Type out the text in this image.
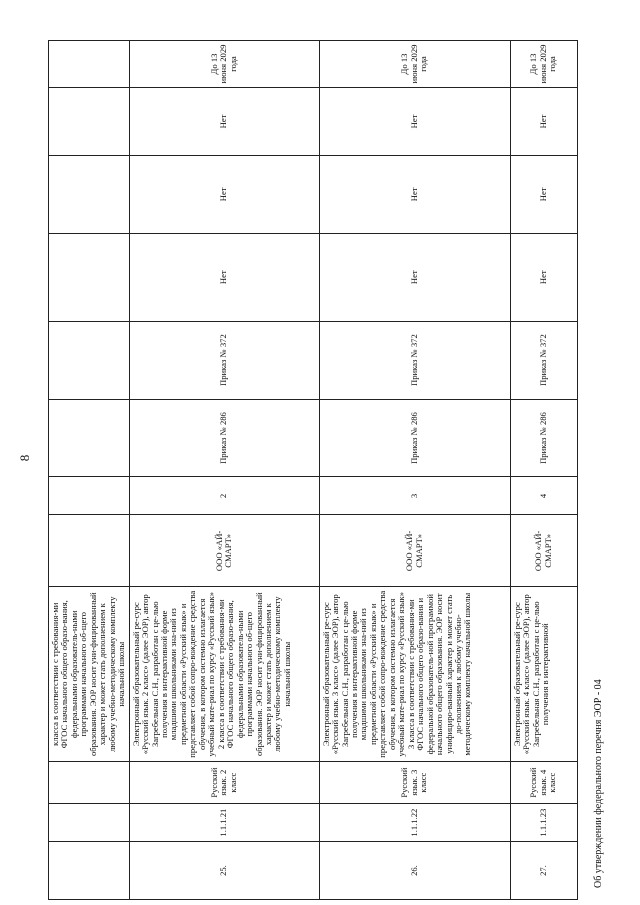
8
			класса в соответствии с требования-ми ФГОС начального общего образо-вания, федеральными образователь-ными программами начального об-щего образования. ЭОР носит уни-фицированный характер и может стать дополнением к любому учебно-методическому комплекту начальной школы								
25.	1.1.1.21	Русский язык. 2 класс	Электронный образовательный ре-сурс «Русский язык. 2 класс» (далее ЭОР), автор Загребельная С.Н., разработан с це-лью получения в интерактивной форме младшими школьниками зна-ний из предметной области «Русский язык» и представляет собой сопро-вождение средства обучения, в котором системно излагается учебный мате-риал по курсу «Русский язык» 2 класса в соответствии с требования-ми ФГОС начального общего образо-вания, федеральными образователь-ными программами начального об-щего образования. ЭОР носит уни-фицированный характер и может стать дополнением к любому учебно-методическому комплекту начальной школы	ООО «АЙ-СМАРТ»	2	Приказ № 286	Приказ № 372	Нет	Нет	Нет	До 13 июня 2029 года
26.	1.1.1.22	Русский язык. 3 класс	Электронный образовательный ре-сурс «Русский язык. 3 класс» (далее ЭОР), автор Загребельная С.Н., разработан с це-лью получения в интерактивной форме младшими школьниками зна-ний из предметной области «Русский язык» и представляет собой сопро-вождение средства обучения, в котором системно излагается учебный мате-риал по курсу «Русский язык» 3 класса в соответствии с требования-ми ФГОС начального общего образо-вания и федеральной образователь-ной программой начального общего образования. ЭОР носит унифициро-ванный характер и может стать до-полнением к любому учебно-методическому комплекту начальной школы	ООО «АЙ-СМАРТ»	3	Приказ № 286	Приказ № 372	Нет	Нет	Нет	До 13 июня 2029 года
27.	1.1.1.23	Русский язык. 4 класс	Электронный образовательный ре-сурс «Русский язык. 4 класс» (далее ЭОР), автор Загребельная С.Н., разработан с це-лью получения в интерактивной	ООО «АЙ-СМАРТ»	4	Приказ № 286	Приказ № 372	Нет	Нет	Нет	До 13 июня 2029 года
Об утверждении федерального перечня ЭОР - 04
